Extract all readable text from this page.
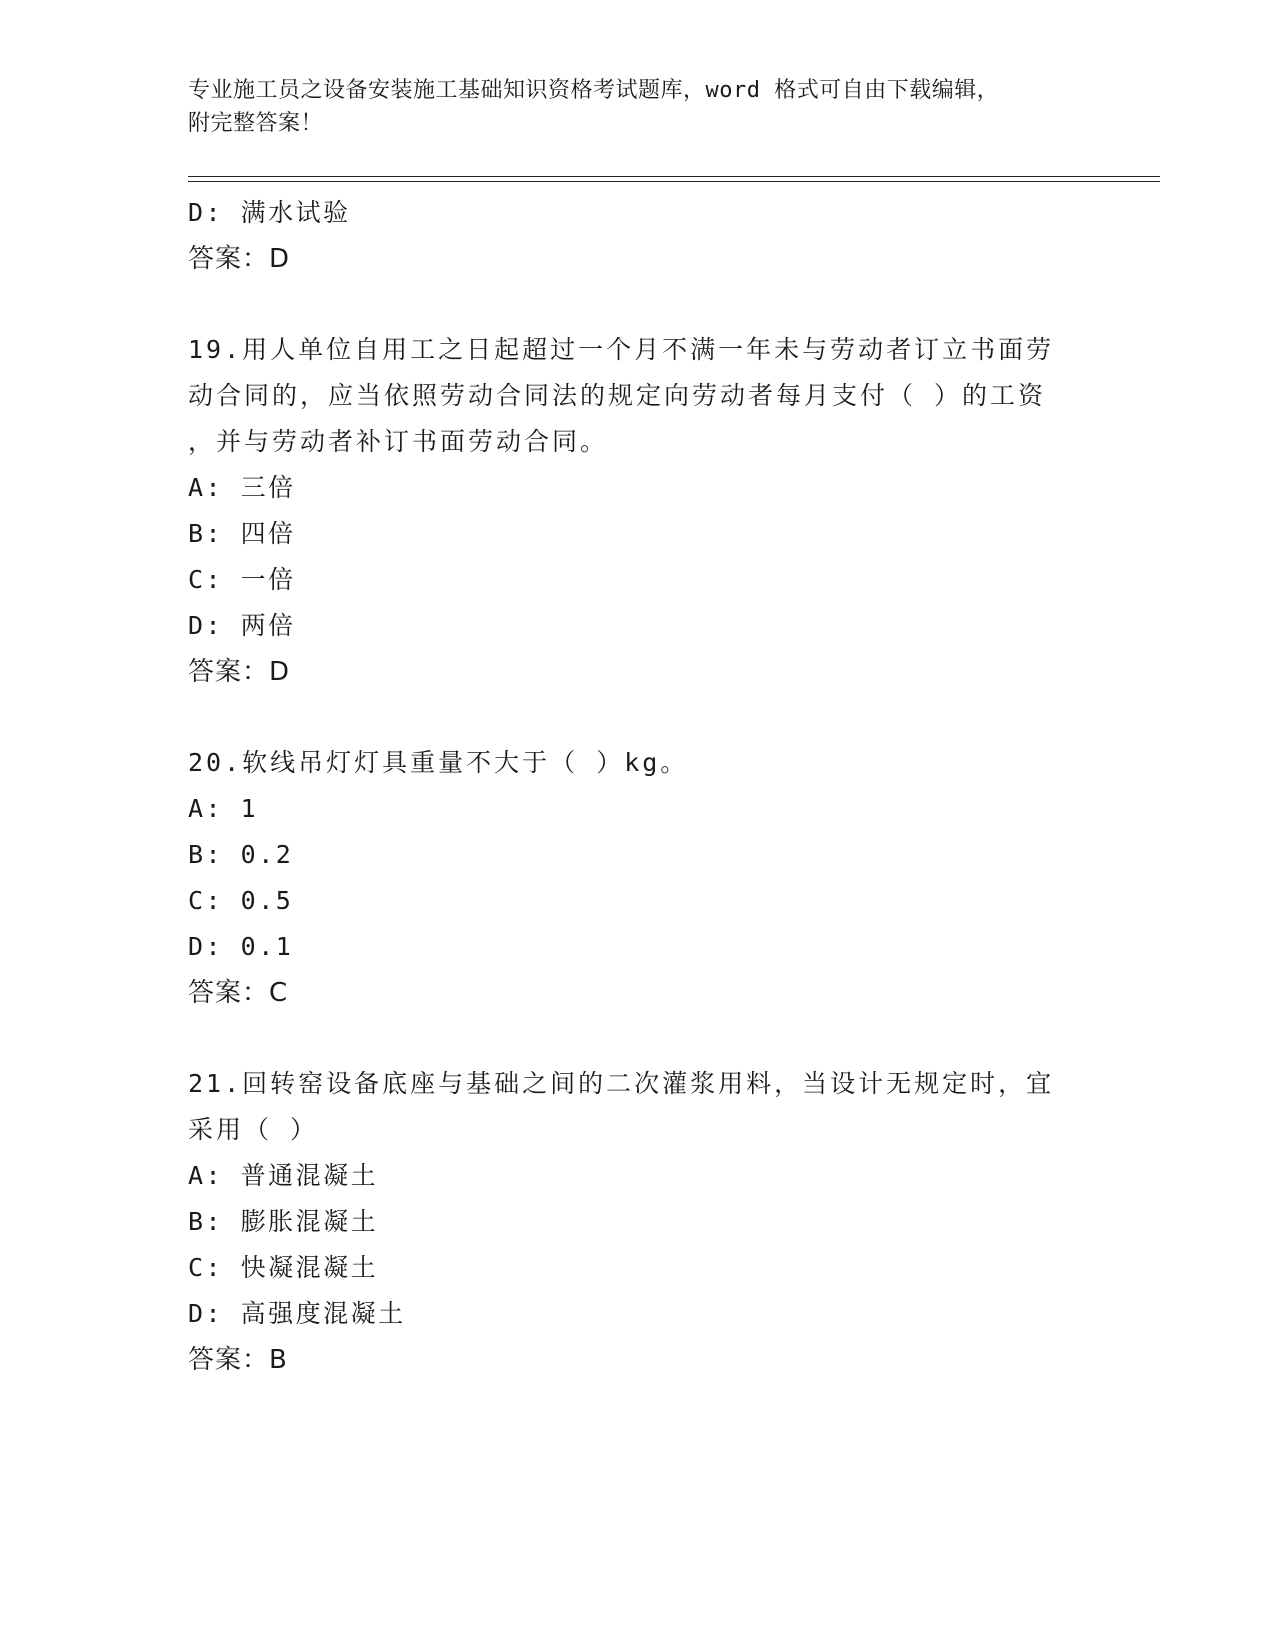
专业施工员之设备安装施工基础知识资格考试题库，word 格式可自由下载编辑，
附完整答案！
D: 满水试验
答案：D
19.用人单位自用工之日起超过一个月不满一年未与劳动者订立书面劳
动合同的，应当依照劳动合同法的规定向劳动者每月支付（ ）的工资
，并与劳动者补订书面劳动合同。
A: 三倍
B: 四倍
C: 一倍
D: 两倍
答案：D
20.软线吊灯灯具重量不大于（ ）kg。
A: 1
B: 0.2
C: 0.5
D: 0.1
答案：C
21.回转窑设备底座与基础之间的二次灌浆用料，当设计无规定时，宜
采用（ ）
A: 普通混凝土
B: 膨胀混凝土
C: 快凝混凝土
D: 高强度混凝土
答案：B
